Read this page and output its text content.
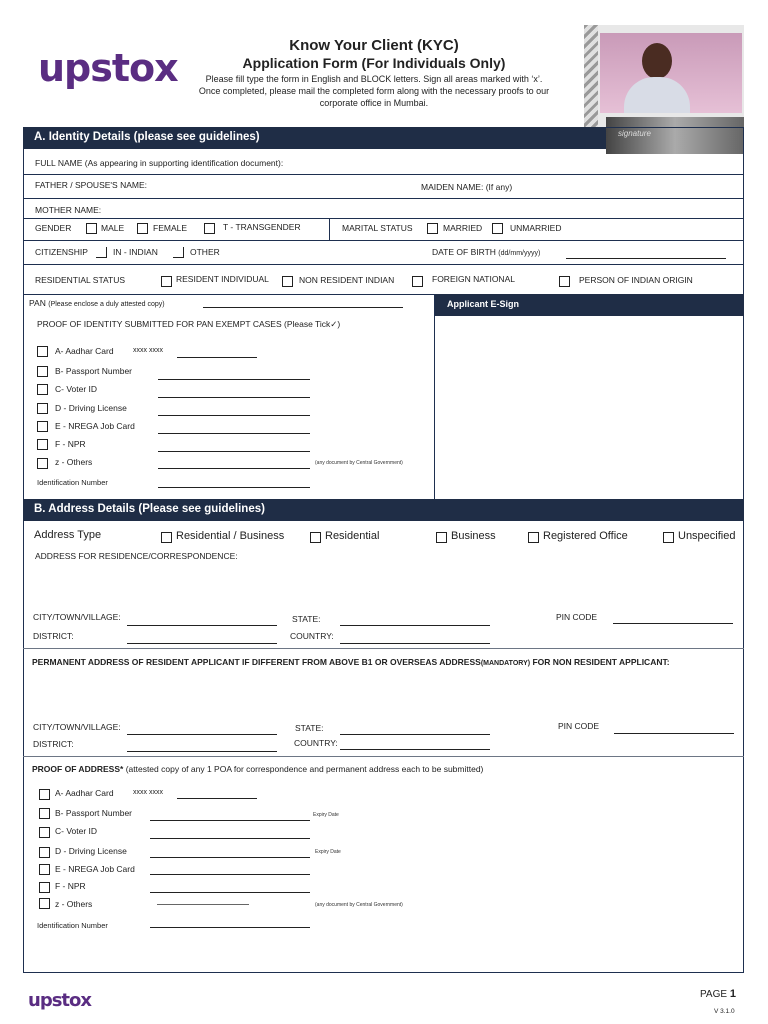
upstox
Know Your Client (KYC)
Application Form (For Individuals Only)
Please fill type the form in English and BLOCK letters. Sign all areas marked with ‘x’. Once completed, please mail the completed form along with the necessary proofs to our corporate office in Mumbai.
signature
A. Identity Details (please see guidelines)
FULL NAME (As appearing in supporting identification document):
FATHER / SPOUSE'S NAME:	MAIDEN NAME: (If any)
MOTHER NAME:
GENDER	MALE	FEMALE	T - TRANSGENDER	MARITAL STATUS	MARRIED	UNMARRIED
CITIZENSHIP	IN - INDIAN	OTHER	DATE OF BIRTH (dd/mm/yyyy)
RESIDENTIAL STATUS	RESIDENT INDIVIDUAL	NON RESIDENT INDIAN	FOREIGN NATIONAL	PERSON OF INDIAN ORIGIN
Applicant E-Sign
PAN (Please enclose a duly attested copy)
PROOF OF IDENTITY SUBMITTED FOR PAN EXEMPT CASES (Please Tick✓)
A- Aadhar Card	xxxx xxxx
B- Passport Number
C- Voter ID
D - Driving License
E - NREGA Job Card
F - NPR
z - Others	(any document by Central Government)
Identification Number
B. Address Details (Please see guidelines)
Address Type	Residential / Business	Residential	Business	Registered Office	Unspecified
ADDRESS FOR RESIDENCE/CORRESPONDENCE:
CITY/TOWN/VILLAGE:	STATE:	PIN CODE
DISTRICT:	COUNTRY:
PERMANENT ADDRESS OF RESIDENT APPLICANT IF DIFFERENT FROM ABOVE B1 OR OVERSEAS ADDRESS(MANDATORY) FOR NON RESIDENT APPLICANT:
CITY/TOWN/VILLAGE:	STATE:	PIN CODE
DISTRICT:	COUNTRY:
PROOF OF ADDRESS* (attested copy of any 1 POA for correspondence and permanent address each to be submitted)
A- Aadhar Card	xxxx xxxx
B- Passport Number	Expiry Date
C- Voter ID
D - Driving License	Expiry Date
E - NREGA Job Card
F - NPR
z - Others	(any document by Central Government)
Identification Number
upstox	PAGE 1
V 3.1.0
